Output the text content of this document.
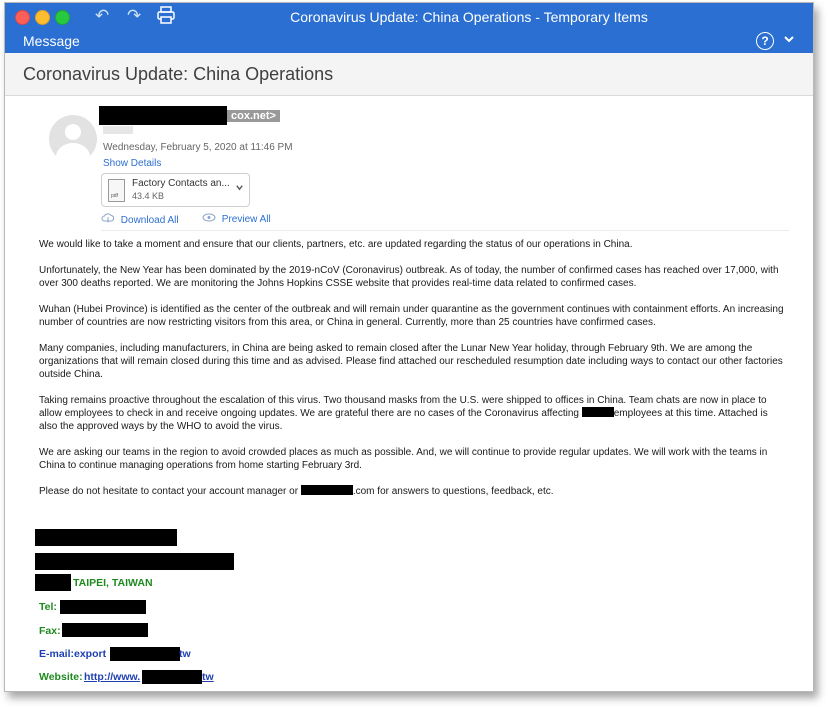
↶ ↷	Coronavirus Update: China Operations - Temporary Items
Message	?
Coronavirus Update: China Operations
cox.net>
Wednesday, February 5, 2020 at 11:46 PM
Show Details
pdf
Factory Contacts an...
43.4 KB
Download All	Preview All

We would like to take a moment and ensure that our clients, partners, etc. are updated regarding the status of our operations in China.

Unfortunately, the New Year has been dominated by the 2019-nCoV (Coronavirus) outbreak. As of today, the number of confirmed cases has reached over 17,000, with over 300 deaths reported. We are monitoring the Johns Hopkins CSSE website that provides real-time data related to confirmed cases.

Wuhan (Hubei Province) is identified as the center of the outbreak and will remain under quarantine as the government continues with containment efforts. An increasing number of countries are now restricting visitors from this area, or China in general. Currently, more than 25 countries have confirmed cases.

Many companies, including manufacturers, in China are being asked to remain closed after the Lunar New Year holiday, through February 9th. We are among the organizations that will remain closed during this time and as advised. Please find attached our rescheduled resumption date including ways to contact our other factories outside China.

Taking remains proactive throughout the escalation of this virus. Two thousand masks from the U.S. were shipped to offices in China. Team chats are now in place to allow employees to check in and receive ongoing updates. We are grateful there are no cases of the Coronavirus affecting	employees at this time. Attached is also the approved ways by the WHO to avoid the virus.

We are asking our teams in the region to avoid crowded places as much as possible. And, we will continue to provide regular updates. We will work with the teams in China to continue managing operations from home starting February 3rd.

Please do not hesitate to contact your account manager or	.com for answers to questions, feedback, etc.

TAIPEI, TAIWAN
Tel:
Fax:
E-mail:export	tw
Website: http://www.	tw
